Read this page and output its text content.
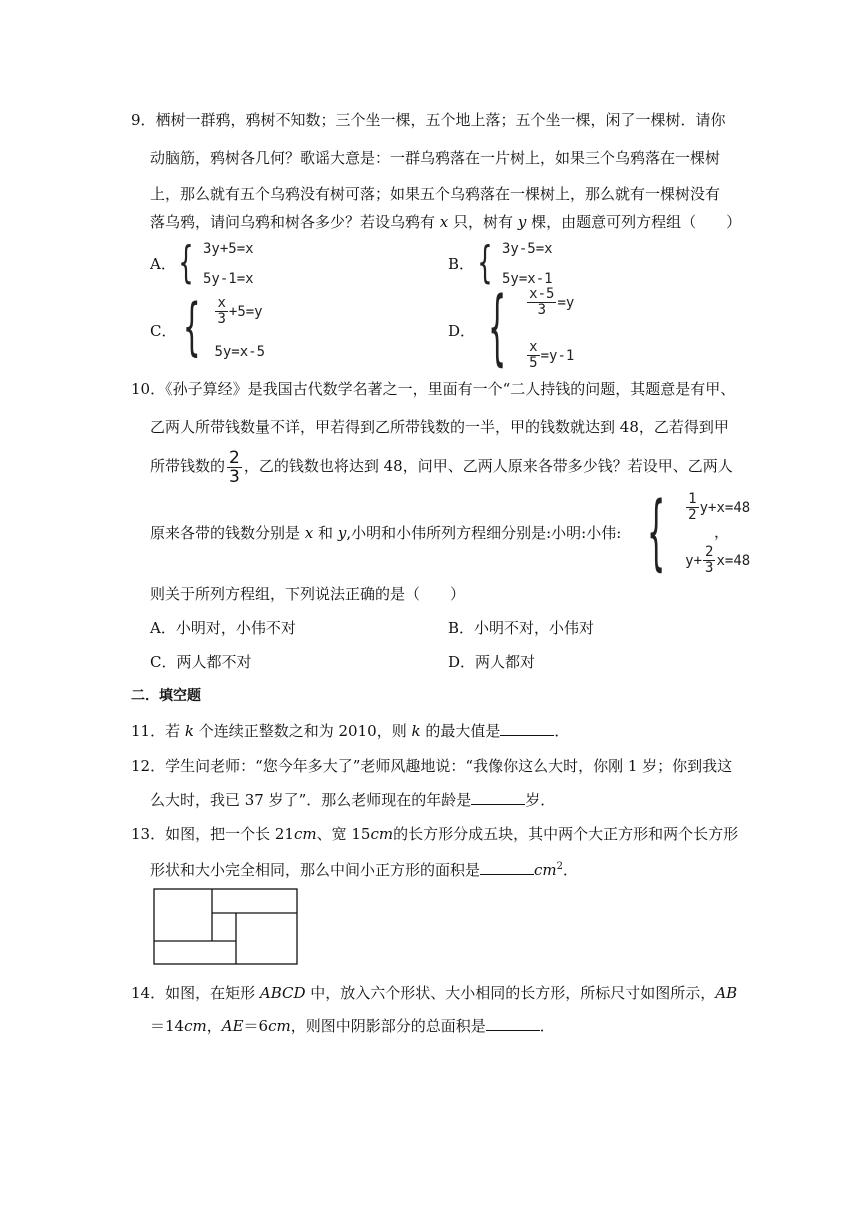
9．栖树一群鸦，鸦树不知数；三个坐一棵，五个地上落；五个坐一棵，闲了一棵树．请你
动脑筋，鸦树各几何？歌谣大意是：一群乌鸦落在一片树上，如果三个乌鸦落在一棵树
上，那么就有五个乌鸦没有树可落；如果五个乌鸦落在一棵树上，那么就有一棵树没有
落乌鸦，请问乌鸦和树各多少？若设乌鸦有 x 只，树有 y 棵，由题意可列方程组（　　）
A． { 3y+5=x
5y-1=x
B． { 3y-5=x
5y=x-1
C． { $\frac{x}{3} +5=y$
5y=x-5
D． { $\frac{x-5}{3} =y$
$\frac{x}{5} =y-1$
10．《孙子算经》是我国古代数学名著之一，里面有一个“二人持钱的问题，其题意是有甲、
乙两人所带钱数量不详，甲若得到乙所带钱数的一半，甲的钱数就达到 48，乙若得到甲
所带钱数的 $\frac{2}{3}$ ，乙的钱数也将达到 48，问甲、乙两人原来各带多少钱？若设甲、乙两人
原来各带的钱数分别是 x 和 y,小明和小伟所列方程细分别是:小明:小伟: { $\frac{1}{2} y+x=48$
$y+ \frac{2}{3} x=48$
，
则关于所列方程组，下列说法正确的是（　　）
A．小明对，小伟不对	B．小明不对，小伟对
C．两人都不对	D．两人都对
二．填空题
11．若 k 个连续正整数之和为 2010，则 k 的最大值是	．
12．学生问老师：“您今年多大了”老师风趣地说：“我像你这么大时，你刚 1 岁；你到我这
么大时，我已 37 岁了”．那么老师现在的年龄是	岁．
13．如图，把一个长 21cm、宽 15cm的长方形分成五块，其中两个大正方形和两个长方形
形状和大小完全相同，那么中间小正方形的面积是	$cm^2$．
14．如图，在矩形 ABCD 中，放入六个形状、大小相同的长方形，所标尺寸如图所示，AB
＝14cm，AE＝6cm，则图中阴影部分的总面积是	．
